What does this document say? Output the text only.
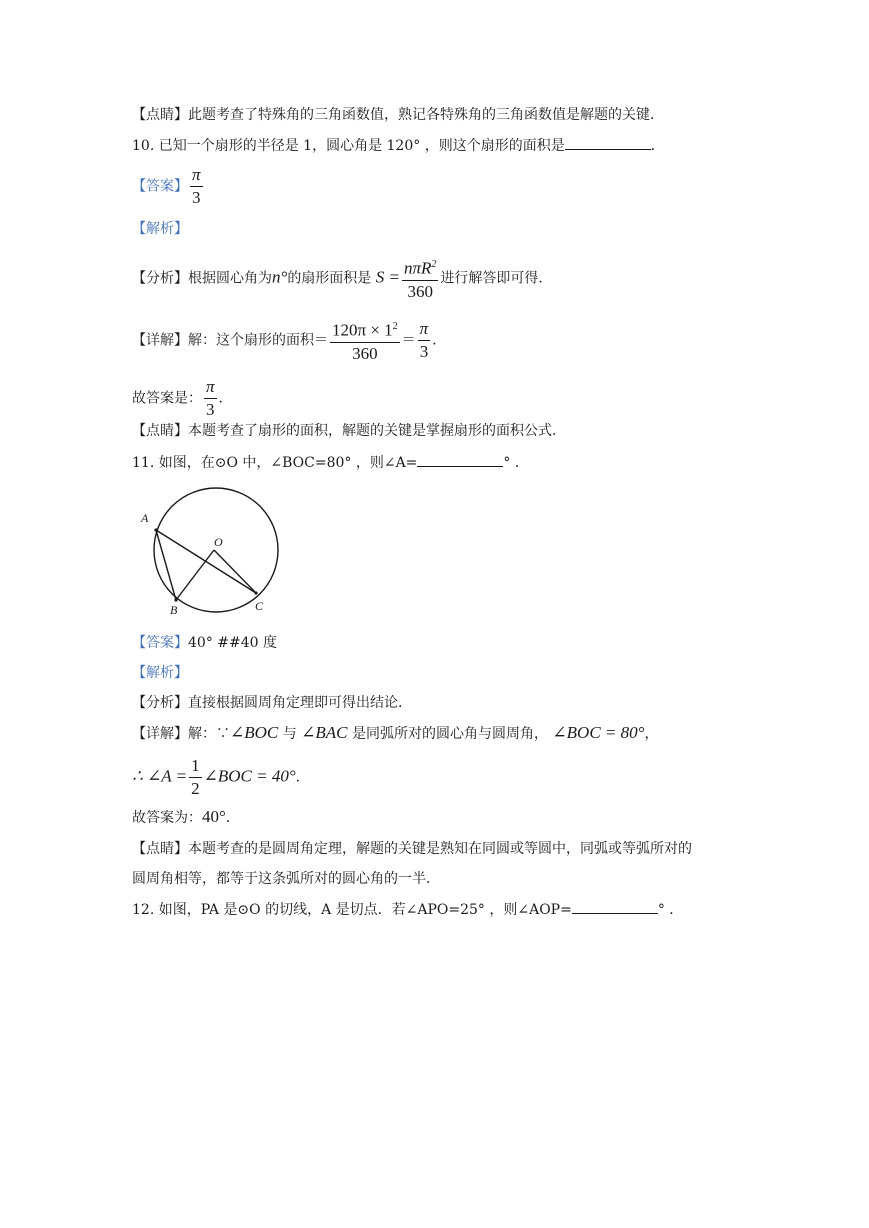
【点睛】此题考查了特殊角的三角函数值，熟记各特殊角的三角函数值是解题的关键．
10. 已知一个扇形的半径是 1，圆心角是 120° ，则这个扇形的面积是	．
【答案】 $\frac{\pi}{3}$
【解析】
【分析】根据圆心角为n°的扇形面积是 $S = \frac{n\pi R^2}{360}$ 进行解答即可得．
【详解】解：这个扇形的面积＝ $\frac{120\pi \times 1^2}{360} = \frac{\pi}{3}$ ．
故答案是： $\frac{\pi}{3}$ ．
【点睛】本题考查了扇形的面积，解题的关键是掌握扇形的面积公式．
11. 如图，在⊙O 中，∠BOC=80° ，则∠A=	° ．
A
O
B	C
【答案】40° ##40 度
【解析】
【分析】直接根据圆周角定理即可得出结论．
【详解】解：∵∠BOC 与 ∠BAC 是同弧所对的圆心角与圆周角， ∠BOC = 80°，
∴ ∠A = $\frac{1}{2}$ ∠BOC = 40°．
故答案为：40°．
【点睛】本题考查的是圆周角定理，解题的关键是熟知在同圆或等圆中，同弧或等弧所对的
圆周角相等，都等于这条弧所对的圆心角的一半．
12. 如图，PA 是⊙O 的切线，A 是切点．若∠APO=25° ，则∠AOP=	° ．
